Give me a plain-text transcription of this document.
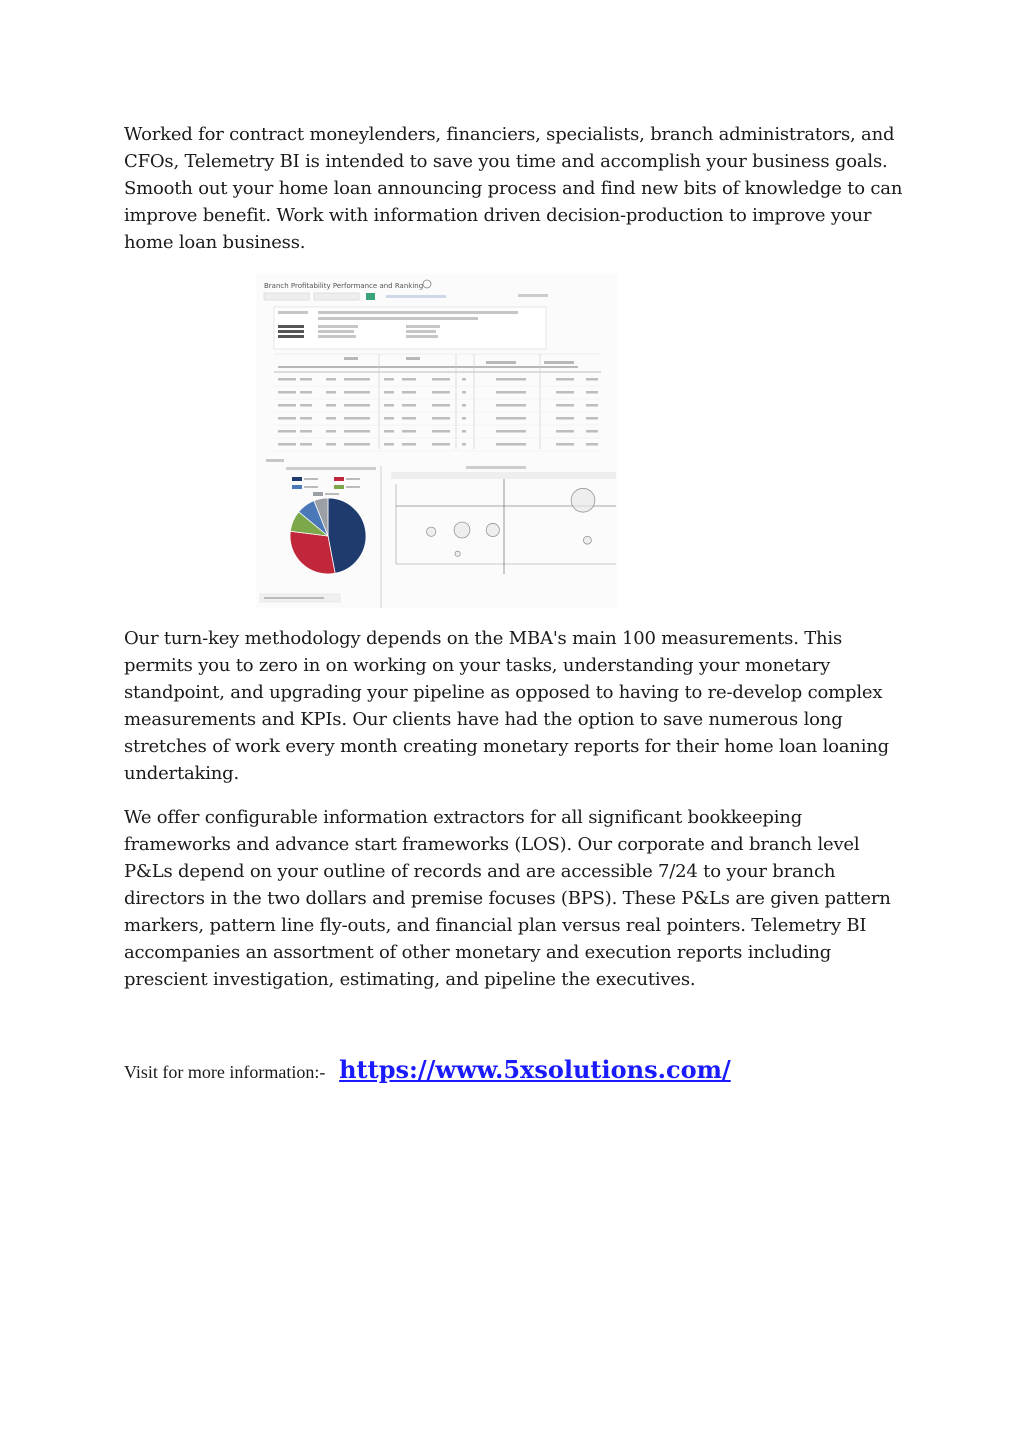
Worked for contract moneylenders, financiers, specialists, branch administrators, and CFOs, Telemetry BI is intended to save you time and accomplish your business goals. Smooth out your home loan announcing process and find new bits of knowledge to can improve benefit. Work with information driven decision-production to improve your home loan business.

Branch Profitability Performance and Ranking

Our turn-key methodology depends on the MBA's main 100 measurements. This permits you to zero in on working on your tasks, understanding your monetary standpoint, and upgrading your pipeline as opposed to having to re-develop complex measurements and KPIs. Our clients have had the option to save numerous long stretches of work every month creating monetary reports for their home loan loaning undertaking.

We offer configurable information extractors for all significant bookkeeping frameworks and advance start frameworks (LOS). Our corporate and branch level P&Ls depend on your outline of records and are accessible 7/24 to your branch directors in the two dollars and premise focuses (BPS). These P&Ls are given pattern markers, pattern line fly-outs, and financial plan versus real pointers. Telemetry BI accompanies an assortment of other monetary and execution reports including prescient investigation, estimating, and pipeline the executives.

Visit for more information:- https://www.5xsolutions.com/
